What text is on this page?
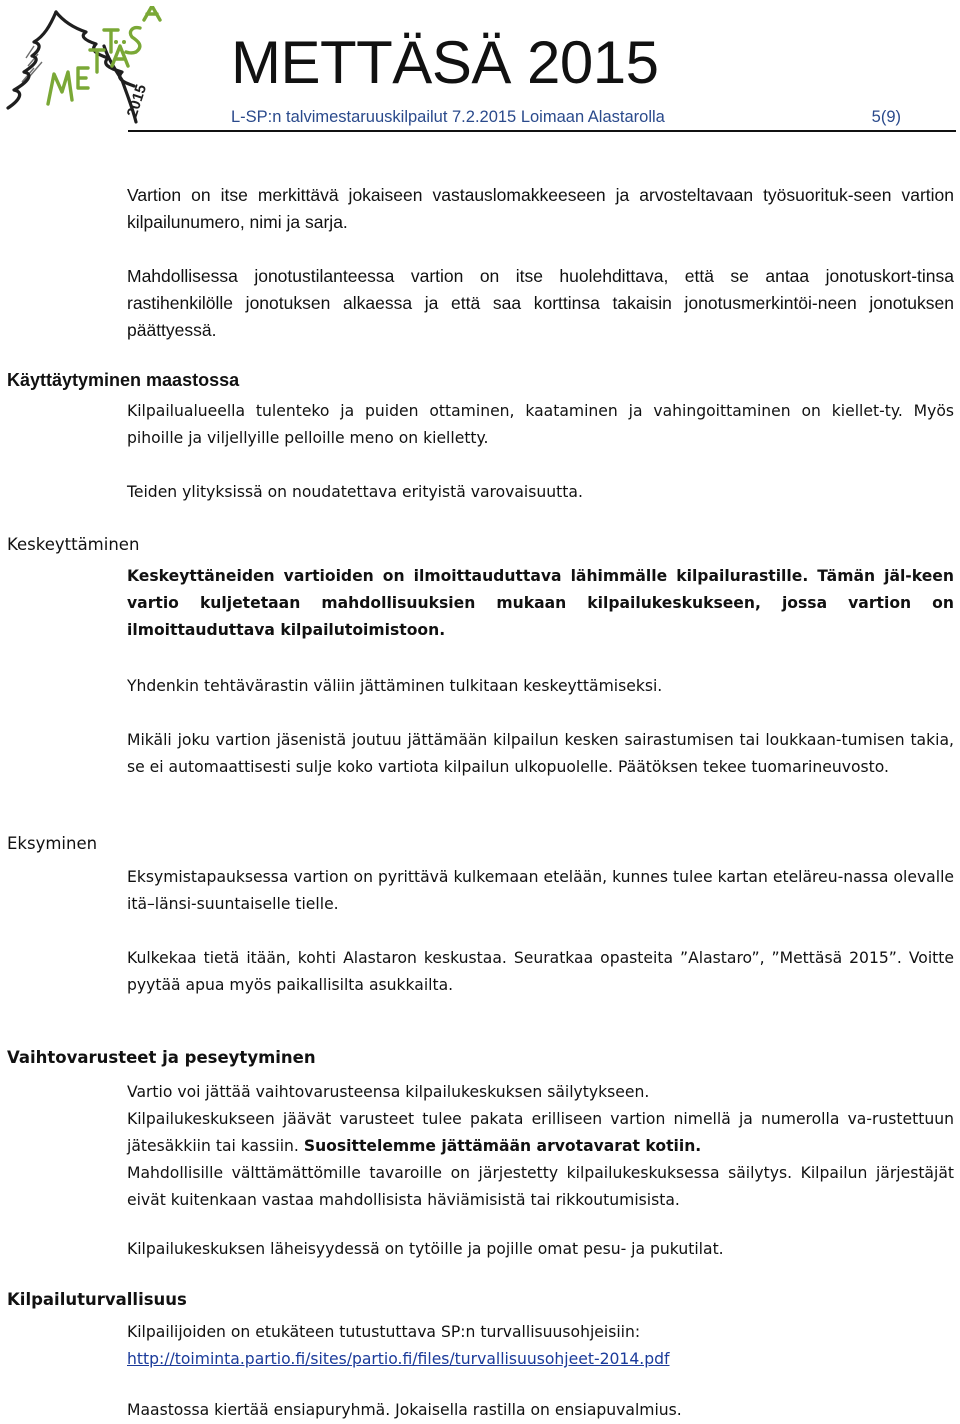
2015
METTÄSÄ 2015
L-SP:n talvimestaruuskilpailut 7.2.2015 Loimaan Alastarolla	5(9)

Vartion on itse merkittävä jokaiseen vastauslomakkeeseen ja arvosteltavaan työsuorituk-seen vartion kilpailunumero, nimi ja sarja.

Mahdollisessa jonotustilanteessa vartion on itse huolehdittava, että se antaa jonotuskort-tinsa rastihenkilölle jonotuksen alkaessa ja että saa korttinsa takaisin jonotusmerkintöi-neen jonotuksen päättyessä.

Käyttäytyminen maastossa

Kilpailualueella tulenteko ja puiden ottaminen, kaataminen ja vahingoittaminen on kiellet-ty. Myös pihoille ja viljellyille pelloille meno on kielletty.

Teiden ylityksissä on noudatettava erityistä varovaisuutta.

Keskeyttäminen

Keskeyttäneiden vartioiden on ilmoittauduttava lähimmälle kilpailurastille. Tämän jäl-keen vartio kuljetetaan mahdollisuuksien mukaan kilpailukeskukseen, jossa vartion on ilmoittauduttava kilpailutoimistoon.

Yhdenkin tehtävärastin väliin jättäminen tulkitaan keskeyttämiseksi.

Mikäli joku vartion jäsenistä joutuu jättämään kilpailun kesken sairastumisen tai loukkaan-tumisen takia, se ei automaattisesti sulje koko vartiota kilpailun ulkopuolelle. Päätöksen tekee tuomarineuvosto.

Eksyminen

Eksymistapauksessa vartion on pyrittävä kulkemaan etelään, kunnes tulee kartan eteläreu-nassa olevalle itä–länsi-suuntaiselle tielle.

Kulkekaa tietä itään, kohti Alastaron keskustaa. Seuratkaa opasteita ”Alastaro”, ”Mettäsä 2015”. Voitte pyytää apua myös paikallisilta asukkailta.

Vaihtovarusteet ja peseytyminen

Vartio voi jättää vaihtovarusteensa kilpailukeskuksen säilytykseen.

Kilpailukeskukseen jäävät varusteet tulee pakata erilliseen vartion nimellä ja numerolla va-rustettuun jätesäkkiin tai kassiin. Suosittelemme jättämään arvotavarat kotiin.

Mahdollisille välttämättömille tavaroille on järjestetty kilpailukeskuksessa säilytys. Kilpailun järjestäjät eivät kuitenkaan vastaa mahdollisista häviämisistä tai rikkoutumisista.

Kilpailukeskuksen läheisyydessä on tytöille ja pojille omat pesu- ja pukutilat.

Kilpailuturvallisuus

Kilpailijoiden on etukäteen tutustuttava SP:n turvallisuusohjeisiin:
http://toiminta.partio.fi/sites/partio.fi/files/turvallisuusohjeet-2014.pdf

Maastossa kiertää ensiapuryhmä. Jokaisella rastilla on ensiapuvalmius.
